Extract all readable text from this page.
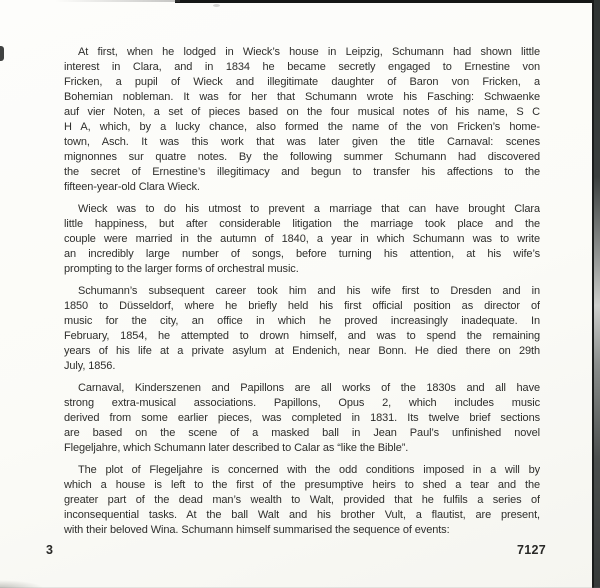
At first, when he lodged in Wieck’s house in Leipzig, Schumann had shown little
interest in Clara, and in 1834 he became secretly engaged to Ernestine von
Fricken, a pupil of Wieck and illegitimate daughter of Baron von Fricken, a
Bohemian nobleman. It was for her that Schumann wrote his Fasching: Schwaenke
auf vier Noten, a set of pieces based on the four musical notes of his name, S C
H A, which, by a lucky chance, also formed the name of the von Fricken’s home-
town, Asch. It was this work that was later given the title Carnaval: scenes
mignonnes sur quatre notes. By the following summer Schumann had discovered
the secret of Ernestine’s illegitimacy and begun to transfer his affections to the
fifteen-year-old Clara Wieck.
Wieck was to do his utmost to prevent a marriage that can have brought Clara
little happiness, but after considerable litigation the marriage took place and the
couple were married in the autumn of 1840, a year in which Schumann was to write
an incredibly large number of songs, before turning his attention, at his wife’s
prompting to the larger forms of orchestral music.
Schumann’s subsequent career took him and his wife first to Dresden and in
1850 to Düsseldorf, where he briefly held his first official position as director of
music for the city, an office in which he proved increasingly inadequate. In
February, 1854, he attempted to drown himself, and was to spend the remaining
years of his life at a private asylum at Endenich, near Bonn. He died there on 29th
July, 1856.
Carnaval, Kinderszenen and Papillons are all works of the 1830s and all have
strong extra-musical associations. Papillons, Opus 2, which includes music
derived from some earlier pieces, was completed in 1831. Its twelve brief sections
are based on the scene of a masked ball in Jean Paul’s unfinished novel
Flegeljahre, which Schumann later described to Calar as “like the Bible”.
The plot of Flegeljahre is concerned with the odd conditions imposed in a will by
which a house is left to the first of the presumptive heirs to shed a tear and the
greater part of the dead man’s wealth to Walt, provided that he fulfils a series of
inconsequential tasks. At the ball Walt and his brother Vult, a flautist, are present,
with their beloved Wina. Schumann himself summarised the sequence of events:
3	7127
